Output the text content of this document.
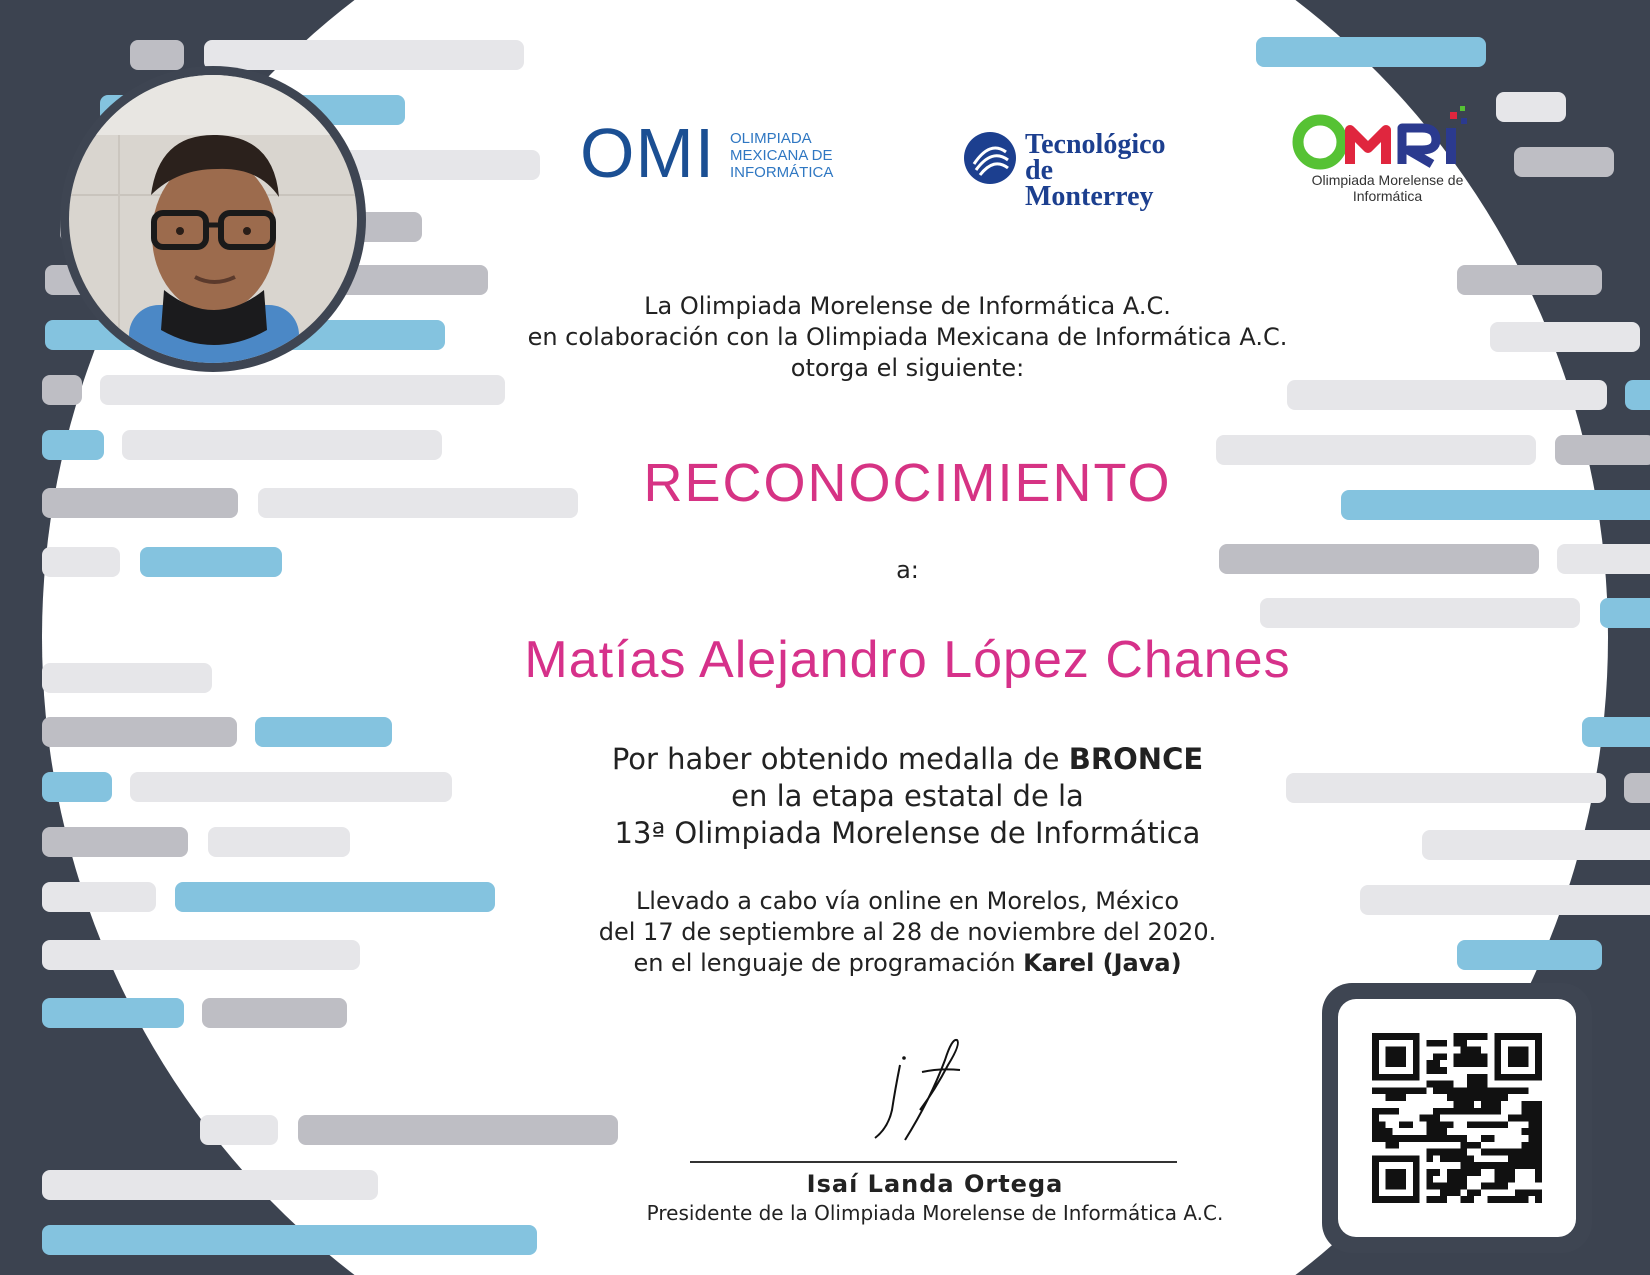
OMI OLIMPIADA
MEXICANA DE
INFORMÁTICA
Tecnológico
de Monterrey
Olimpiada Morelense de
Informática
La Olimpiada Morelense de Informática A.C.
en colaboración con la Olimpiada Mexicana de Informática A.C.
otorga el siguiente:
RECONOCIMIENTO
a:
Matías Alejandro López Chanes
Por haber obtenido medalla de BRONCE
en la etapa estatal de la
13ª Olimpiada Morelense de Informática
Llevado a cabo vía online en Morelos, México
del 17 de septiembre al 28 de noviembre del 2020.
en el lenguaje de programación Karel (Java)
Isaí Landa Ortega
Presidente de la Olimpiada Morelense de Informática A.C.
